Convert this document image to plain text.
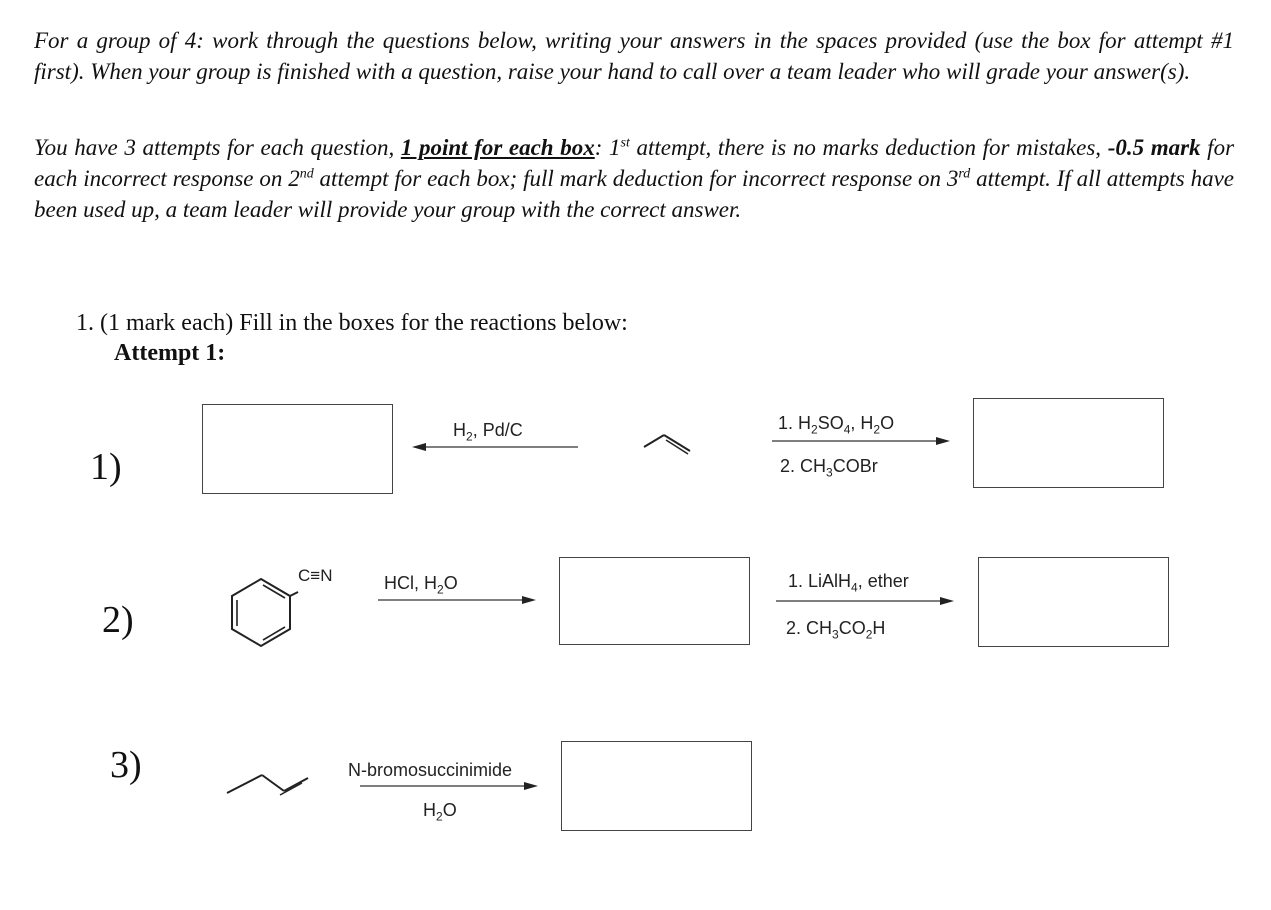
For a group of 4: work through the questions below, writing your answers in the spaces provided (use the box for attempt #1 first). When your group is finished with a question, raise your hand to call over a team leader who will grade your answer(s).
You have 3 attempts for each question, 1 point for each box: 1st attempt, there is no marks deduction for mistakes, -0.5 mark for each incorrect response on 2nd attempt for each box; full mark deduction for incorrect response on 3rd attempt. If all attempts have been used up, a team leader will provide your group with the correct answer.
1. (1 mark each) Fill in the boxes for the reactions below:
Attempt 1:
1)
$H_2$, Pd/C	1. $H_2SO_4$, $H_2O$
2. $CH_3COBr$
2)
C≡N	HCl, $H_2O$	1. LiAlH$_4$, ether
2. $CH_3CO_2H$
3)	N-bromosuccinimide
$H_2O$
